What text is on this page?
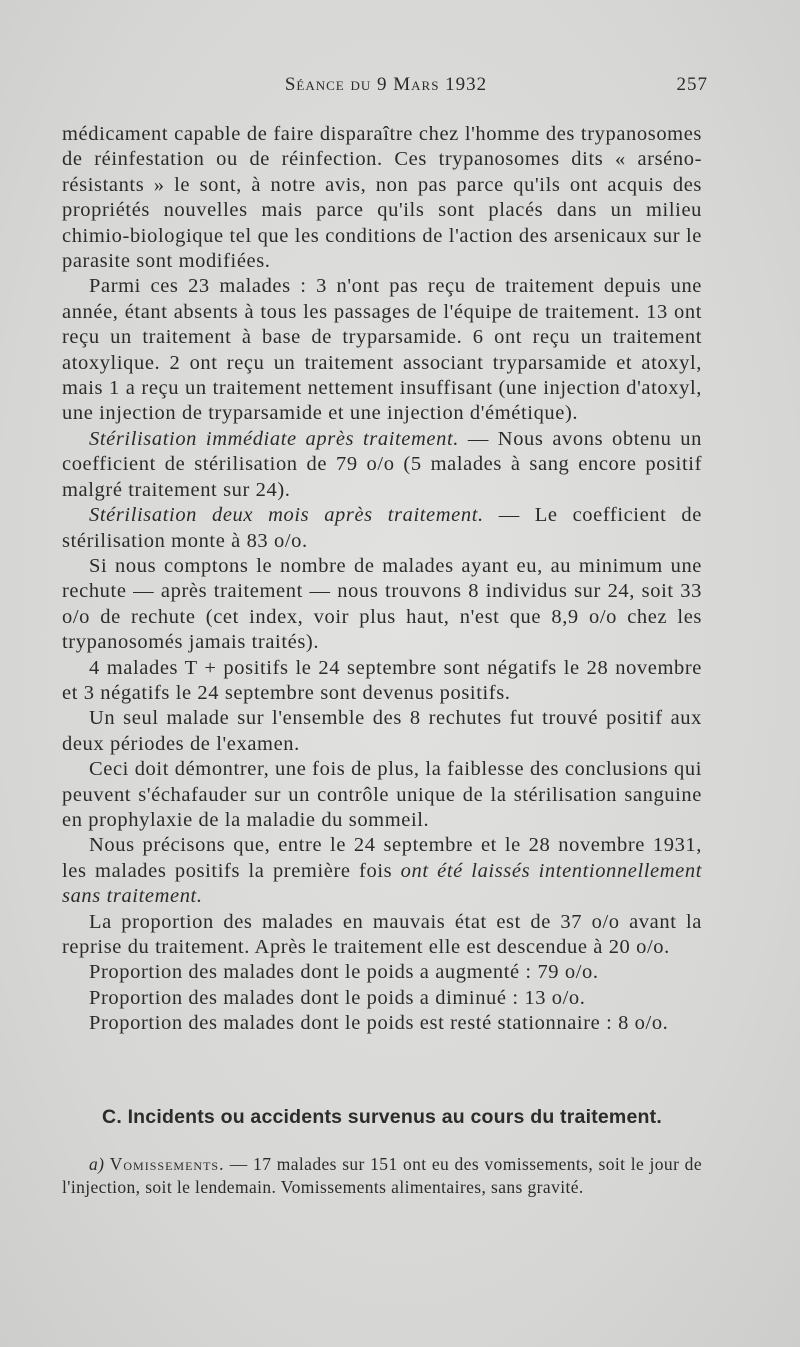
Séance du 9 Mars 1932	257

médicament capable de faire disparaître chez l'homme des trypanosomes de réinfestation ou de réinfection. Ces trypanosomes dits « arséno-résistants » le sont, à notre avis, non pas parce qu'ils ont acquis des propriétés nouvelles mais parce qu'ils sont placés dans un milieu chimio-biologique tel que les conditions de l'action des arsenicaux sur le parasite sont modifiées.

Parmi ces 23 malades : 3 n'ont pas reçu de traitement depuis une année, étant absents à tous les passages de l'équipe de traitement. 13 ont reçu un traitement à base de tryparsamide. 6 ont reçu un traitement atoxylique. 2 ont reçu un traitement associant tryparsamide et atoxyl, mais 1 a reçu un traitement nettement insuffisant (une injection d'atoxyl, une injection de tryparsamide et une injection d'émétique).

Stérilisation immédiate après traitement. — Nous avons obtenu un coefficient de stérilisation de 79 o/o (5 malades à sang encore positif malgré traitement sur 24).

Stérilisation deux mois après traitement. — Le coefficient de stérilisation monte à 83 o/o.

Si nous comptons le nombre de malades ayant eu, au minimum une rechute — après traitement — nous trouvons 8 individus sur 24, soit 33 o/o de rechute (cet index, voir plus haut, n'est que 8,9 o/o chez les trypanosomés jamais traités).

4 malades T + positifs le 24 septembre sont négatifs le 28 novembre et 3 négatifs le 24 septembre sont devenus positifs.

Un seul malade sur l'ensemble des 8 rechutes fut trouvé positif aux deux périodes de l'examen.

Ceci doit démontrer, une fois de plus, la faiblesse des conclusions qui peuvent s'échafauder sur un contrôle unique de la stérilisation sanguine en prophylaxie de la maladie du sommeil.

Nous précisons que, entre le 24 septembre et le 28 novembre 1931, les malades positifs la première fois ont été laissés intentionnellement sans traitement.

La proportion des malades en mauvais état est de 37 o/o avant la reprise du traitement. Après le traitement elle est descendue à 20 o/o.

Proportion des malades dont le poids a augmenté : 79 o/o.

Proportion des malades dont le poids a diminué : 13 o/o.

Proportion des malades dont le poids est resté stationnaire : 8 o/o.

C. Incidents ou accidents survenus au cours du traitement.

a) Vomissements. — 17 malades sur 151 ont eu des vomissements, soit le jour de l'injection, soit le lendemain. Vomissements alimentaires, sans gravité.
